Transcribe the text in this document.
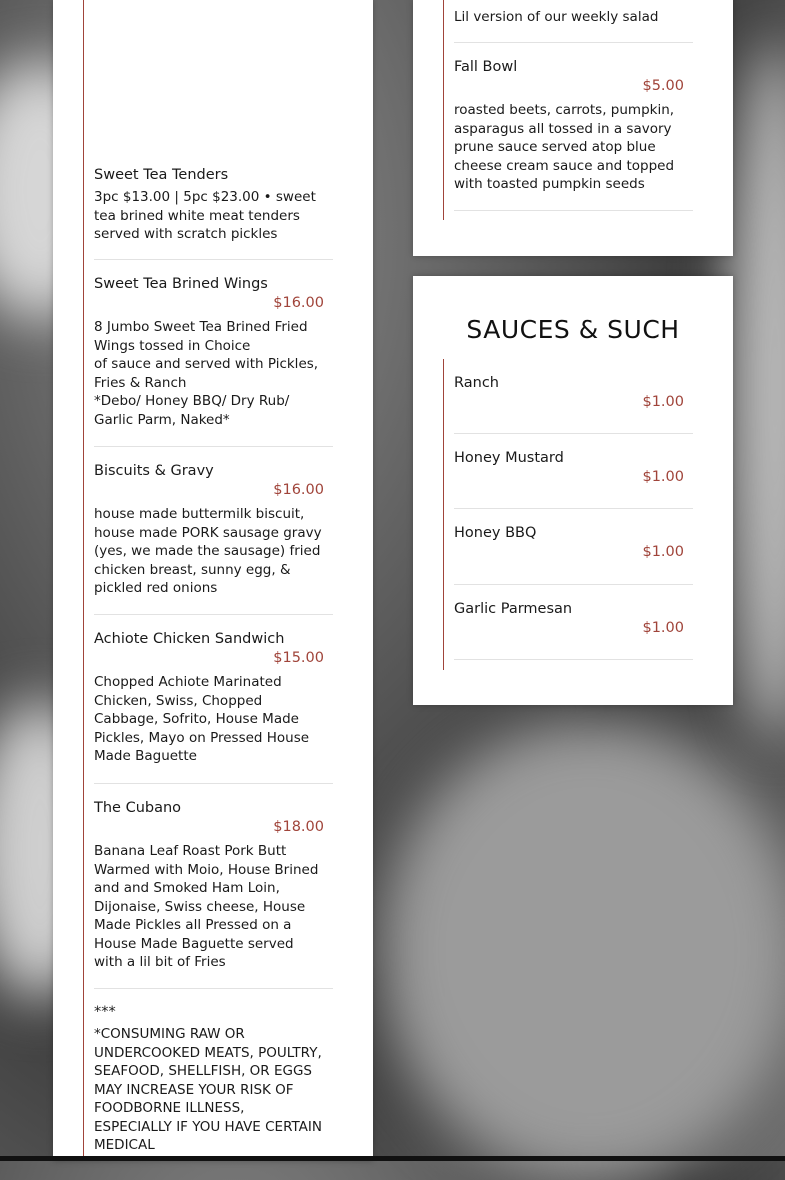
Sweet Tea Tenders
3pc $13.00 | 5pc $23.00 • sweet tea brined white meat tenders served with scratch pickles
Sweet Tea Brined Wings
$16.00
8 Jumbo Sweet Tea Brined Fried Wings tossed in Choice
of sauce and served with Pickles, Fries & Ranch
*Debo/ Honey BBQ/ Dry Rub/ Garlic Parm, Naked*
Biscuits & Gravy
$16.00
house made buttermilk biscuit, house made PORK sausage gravy (yes, we made the sausage) fried chicken breast, sunny egg, & pickled red onions
Achiote Chicken Sandwich
$15.00
Chopped Achiote Marinated Chicken, Swiss, Chopped Cabbage, Sofrito, House Made Pickles, Mayo on Pressed House Made Baguette
The Cubano
$18.00
Banana Leaf Roast Pork Butt Warmed with Moio, House Brined and and Smoked Ham Loin, Dijonaise, Swiss cheese, House Made Pickles all Pressed on a House Made Baguette served with a lil bit of Fries
***
*CONSUMING RAW OR UNDERCOOKED MEATS, POULTRY, SEAFOOD, SHELLFISH, OR EGGS MAY INCREASE YOUR RISK OF FOODBORNE ILLNESS, ESPECIALLY IF YOU HAVE CERTAIN MEDICAL
Lil version of our weekly salad
Fall Bowl
$5.00
roasted beets, carrots, pumpkin, asparagus all tossed in a savory prune sauce served atop blue cheese cream sauce and topped with toasted pumpkin seeds
SAUCES & SUCH
Ranch
$1.00
Honey Mustard
$1.00
Honey BBQ
$1.00
Garlic Parmesan
$1.00
